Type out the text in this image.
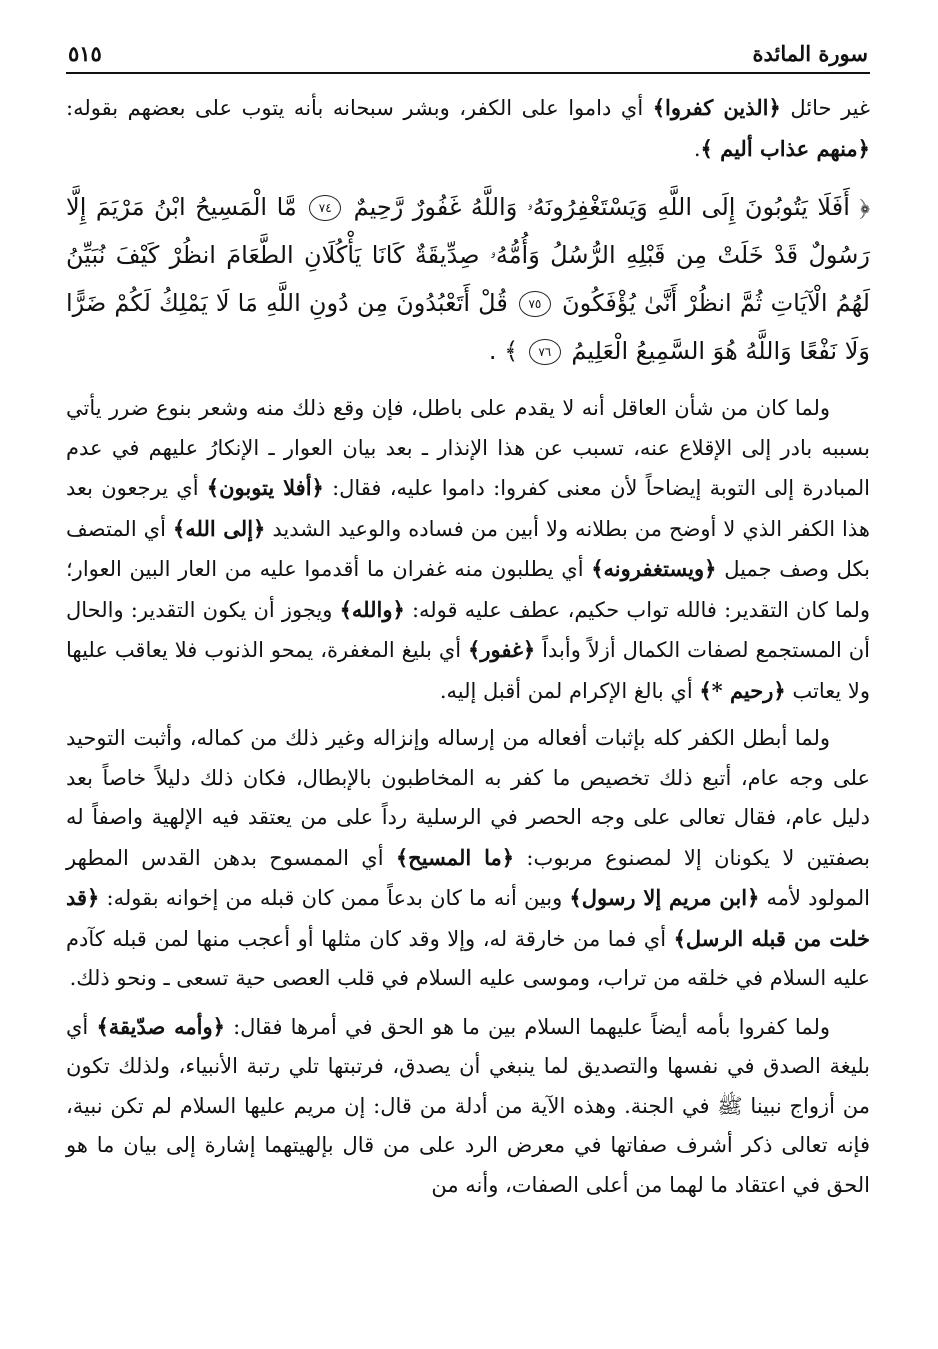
سورة المائدة
٥١٥

غير حائل ﴿الذين كفروا﴾ أي داموا على الكفر، وبشر سبحانه بأنه يتوب على بعضهم بقوله: ﴿منهم عذاب أليم ﴾.

﴿ أَفَلَا يَتُوبُونَ إِلَى اللَّهِ وَيَسْتَغْفِرُونَهُۥ وَاللَّهُ غَفُورٌ رَّحِيمٌ ٧٤ مَّا الْمَسِيحُ ابْنُ مَرْيَمَ إِلَّا رَسُولٌ قَدْ خَلَتْ مِن قَبْلِهِ الرُّسُلُ وَأُمُّهُۥ صِدِّيقَةٌ كَانَا يَأْكُلَانِ الطَّعَامَ انظُرْ كَيْفَ نُبَيِّنُ لَهُمُ الْآيَاتِ ثُمَّ انظُرْ أَنَّىٰ يُؤْفَكُونَ ٧٥ قُلْ أَتَعْبُدُونَ مِن دُونِ اللَّهِ مَا لَا يَمْلِكُ لَكُمْ ضَرًّا وَلَا نَفْعًا وَاللَّهُ هُوَ السَّمِيعُ الْعَلِيمُ ٧٦ ﴾ .

ولما كان من شأن العاقل أنه لا يقدم على باطل، فإن وقع ذلك منه وشعر بنوع ضرر يأتي بسببه بادر إلى الإقلاع عنه، تسبب عن هذا الإنذار ـ بعد بيان العوار ـ الإنكارُ عليهم في عدم المبادرة إلى التوبة إيضاحاً لأن معنى كفروا: داموا عليه، فقال: ﴿أفلا يتوبون﴾ أي يرجعون بعد هذا الكفر الذي لا أوضح من بطلانه ولا أبين من فساده والوعيد الشديد ﴿إلى الله﴾ أي المتصف بكل وصف جميل ﴿ويستغفرونه﴾ أي يطلبون منه غفران ما أقدموا عليه من العار البين العوار؛ ولما كان التقدير: فالله تواب حكيم، عطف عليه قوله: ﴿والله﴾ ويجوز أن يكون التقدير: والحال أن المستجمع لصفات الكمال أزلاً وأبداً ﴿غفور﴾ أي بليغ المغفرة، يمحو الذنوب فلا يعاقب عليها ولا يعاتب ﴿رحيم *﴾ أي بالغ الإكرام لمن أقبل إليه.

ولما أبطل الكفر كله بإثبات أفعاله من إرساله وإنزاله وغير ذلك من كماله، وأثبت التوحيد على وجه عام، أتبع ذلك تخصيص ما كفر به المخاطبون بالإبطال، فكان ذلك دليلاً خاصاً بعد دليل عام، فقال تعالى على وجه الحصر في الرسلية رداً على من يعتقد فيه الإلهية واصفاً له بصفتين لا يكونان إلا لمصنوع مربوب: ﴿ما المسيح﴾ أي الممسوح بدهن القدس المطهر المولود لأمه ﴿ابن مريم إلا رسول﴾ وبين أنه ما كان بدعاً ممن كان قبله من إخوانه بقوله: ﴿قد خلت من قبله الرسل﴾ أي فما من خارقة له، وإلا وقد كان مثلها أو أعجب منها لمن قبله كآدم عليه السلام في خلقه من تراب، وموسى عليه السلام في قلب العصى حية تسعى ـ ونحو ذلك.

ولما كفروا بأمه أيضاً عليهما السلام بين ما هو الحق في أمرها فقال: ﴿وأمه صدّيقة﴾ أي بليغة الصدق في نفسها والتصديق لما ينبغي أن يصدق، فرتبتها تلي رتبة الأنبياء، ولذلك تكون من أزواج نبينا ﷺ في الجنة. وهذه الآية من أدلة من قال: إن مريم عليها السلام لم تكن نبية، فإنه تعالى ذكر أشرف صفاتها في معرض الرد على من قال بإلهيتهما إشارة إلى بيان ما هو الحق في اعتقاد ما لهما من أعلى الصفات، وأنه من
